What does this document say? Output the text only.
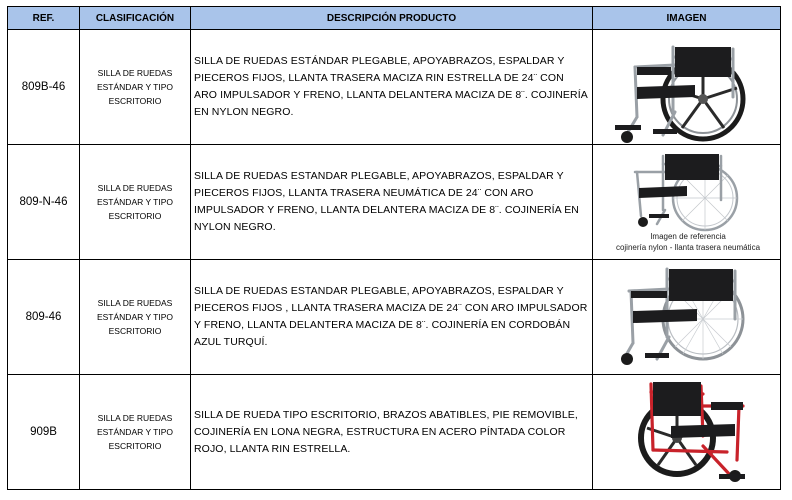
REF.	CLASIFICACIÓN	DESCRIPCIÓN PRODUCTO	IMAGEN
809B-46	SILLA DE RUEDAS ESTÁNDAR Y TIPO ESCRITORIO	SILLA DE RUEDAS ESTÁNDAR PLEGABLE, APOYABRAZOS, ESPALDAR Y PIECEROS FIJOS, LLANTA TRASERA MACIZA RIN ESTRELLA DE 24¨ CON ARO IMPULSADOR Y FRENO, LLANTA DELANTERA MACIZA DE 8¨. COJINERÍA EN NYLON NEGRO.	

809-N-46	SILLA DE RUEDAS ESTÁNDAR Y TIPO ESCRITORIO	SILLA DE RUEDAS ESTANDAR PLEGABLE, APOYABRAZOS, ESPALDAR Y PIECEROS FIJOS, LLANTA TRASERA NEUMÁTICA DE 24¨ CON ARO IMPULSADOR Y FRENO, LLANTA DELANTERA MACIZA DE 8¨. COJINERÍA EN NYLON NEGRO.	Imagen de referencia
cojinería nylon - llanta trasera neumática

809-46	SILLA DE RUEDAS ESTÁNDAR Y TIPO ESCRITORIO	SILLA DE RUEDAS ESTANDAR PLEGABLE, APOYABRAZOS, ESPALDAR Y PIECEROS FIJOS , LLANTA TRASERA MACIZA DE 24¨ CON ARO IMPULSADOR Y FRENO, LLANTA DELANTERA MACIZA DE 8¨. COJINERÍA EN CORDOBÁN AZUL TURQUÍ.	

909B	SILLA DE RUEDAS ESTÁNDAR Y TIPO ESCRITORIO	SILLA DE RUEDA TIPO ESCRITORIO, BRAZOS ABATIBLES, PIE REMOVIBLE, COJINERÍA EN LONA NEGRA, ESTRUCTURA EN ACERO PÍNTADA COLOR ROJO, LLANTA RIN ESTRELLA.	
